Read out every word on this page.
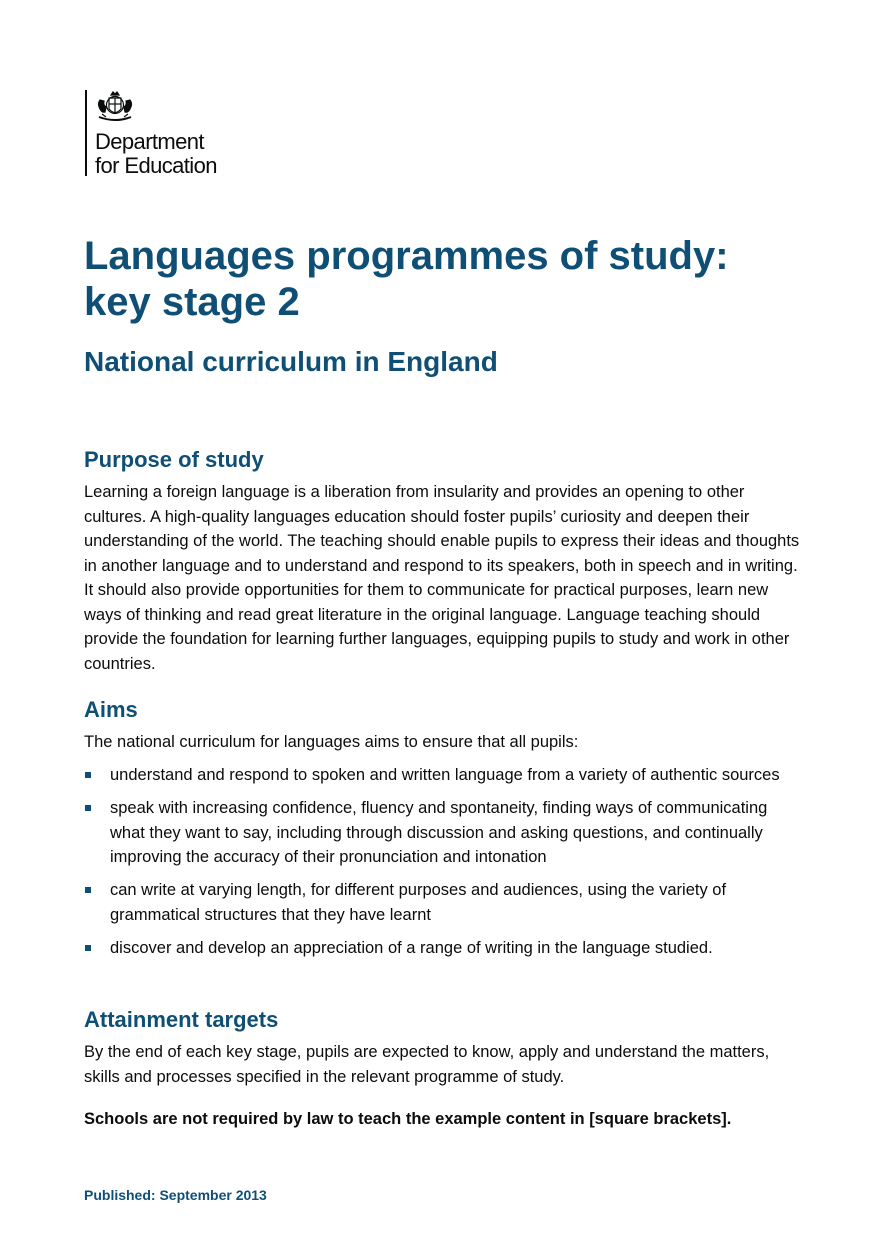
Department
for Education
Languages programmes of study:
key stage 2
National curriculum in England
Purpose of study

Learning a foreign language is a liberation from insularity and provides an opening to other cultures. A high-quality languages education should foster pupils’ curiosity and deepen their understanding of the world. The teaching should enable pupils to express their ideas and thoughts in another language and to understand and respond to its speakers, both in speech and in writing. It should also provide opportunities for them to communicate for practical purposes, learn new ways of thinking and read great literature in the original language. Language teaching should provide the foundation for learning further languages, equipping pupils to study and work in other countries.

Aims

The national curriculum for languages aims to ensure that all pupils:

understand and respond to spoken and written language from a variety of authentic sources
speak with increasing confidence, fluency and spontaneity, finding ways of communicating what they want to say, including through discussion and asking questions, and continually improving the accuracy of their pronunciation and intonation
can write at varying length, for different purposes and audiences, using the variety of grammatical structures that they have learnt
discover and develop an appreciation of a range of writing in the language studied.
Attainment targets

By the end of each key stage, pupils are expected to know, apply and understand the matters, skills and processes specified in the relevant programme of study.

Schools are not required by law to teach the example content in [square brackets].

Published: September 2013
